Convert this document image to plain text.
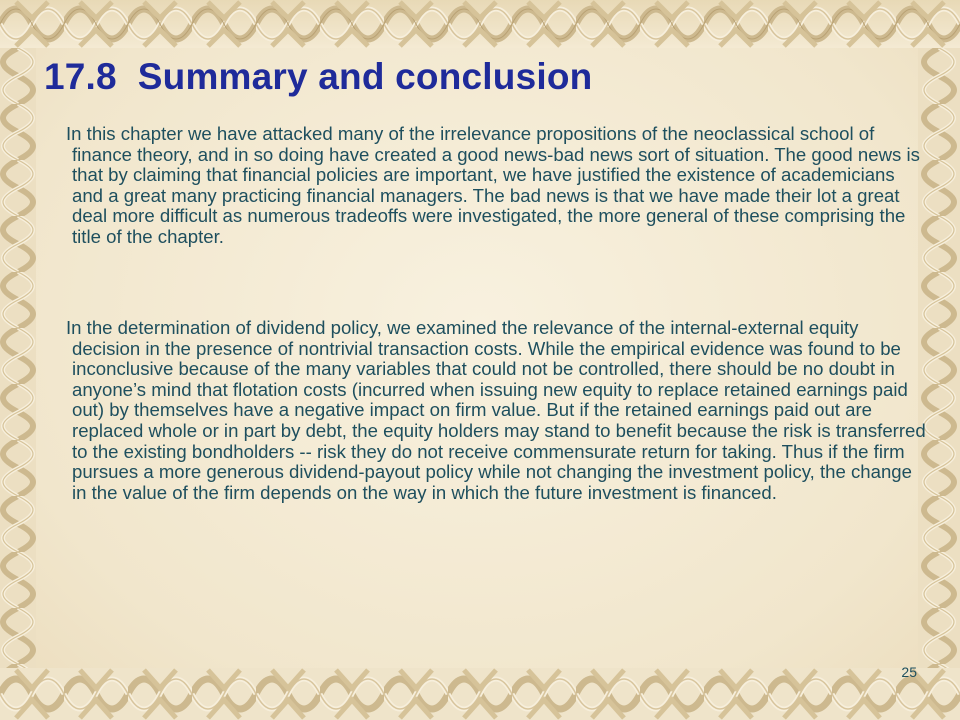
17.8  Summary and conclusion

In this chapter we have attacked many of the irrelevance propositions of the neoclassical school of finance theory, and in so doing have created a good news-bad news sort of situation. The good news is that by claiming that financial policies are important, we have justified the existence of academicians and a great many practicing financial managers. The bad news is that we have made their lot a great deal more difficult as numerous tradeoffs were investigated, the more general of these comprising the title of the chapter.

In the determination of dividend policy, we examined the relevance of the internal-external equity decision in the presence of nontrivial transaction costs. While the empirical evidence was found to be inconclusive because of the many variables that could not be controlled, there should be no doubt in anyone’s mind that flotation costs (incurred when issuing new equity to replace retained earnings paid out) by themselves have a negative impact on firm value. But if the retained earnings paid out are replaced whole or in part by debt, the equity holders may stand to benefit because the risk is transferred to the existing bondholders -- risk they do not receive commensurate return for taking. Thus if the firm pursues a more generous dividend-payout policy while not changing the investment policy, the change in the value of the firm depends on the way in which the future investment is financed.

25
